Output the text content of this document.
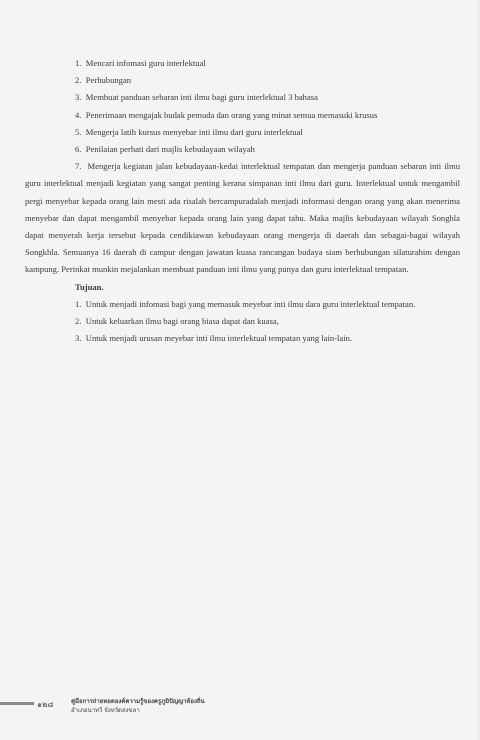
1.  Mencari infomasi guru interlektual
2.  Perhubungan
3.  Membuat panduan sebaran inti ilmu bagi guru interlektual 3 bahasa
4.  Penerimaan mengajak budak pemuda dan orang yang minat semua memasuki krusus
5.  Mengerja latih kursus menyebar inti ilmu dari guru interlektual
6.  Penilaian perhati dari majlis kebudayaan wilayah
7.  Mengerja kegiatan jalan kebudayaan-kedai interlektual tempatan dan mengerja panduan sebaran inti ilmu guru interlektual menjadi kegiatan yang sangat penting kerana simpanan inti ilmu dari guru. Interlektual untuk mengambil pergi menyebar kepada orang lain mesti ada risalah bercampuradalah menjadi informasi dengan orang yang akan menerima menyebar dan dapat mengambil menyebar kepada orang lain yang dapat tahu. Maka majlis kebudayaan wilayah Songhla dapat menyerah kerja tersebut kepada cendikiawan kebudayaan orang mengerja di daerah dan sebagai-bagai wilayah Songkhla. Semuanya 16 daerah di campur dengan jawatan kuasa rancangan budaya siam berhubungan silaturahim dengan kampung. Perinkat munkin mejalankan membuat panduan inti ilmu yang punya dan guru interlektual tempatan.
Tujuan.
1.  Untuk menjadi infomasi bagi yang memasuk meyebar inti ilmu dara guru interlektual tempatan.
2.  Untuk keluarkan ilmu bagi orang biasa dapat dan kuasa,
3.  Untuk menjadi urusan meyebar inti ilmu interlektual tempatan yang lain-lain.
๑๒๘	คู่มือการถ่ายทอดองค์ความรู้ของครูภูมิปัญญาท้องถิ่น
อำเภอนาทวี จังหวัดสงขลา
